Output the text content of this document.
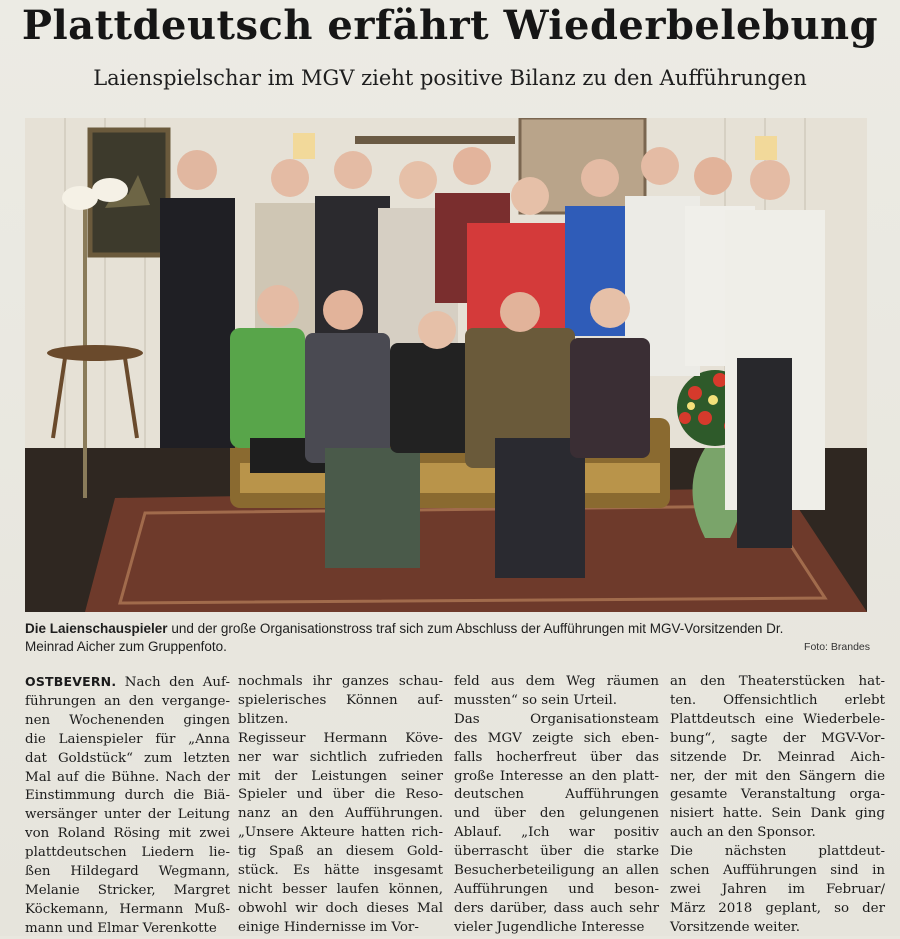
Plattdeutsch erfährt Wiederbelebung
Laienspielschar im MGV zieht positive Bilanz zu den Aufführungen
Die Laienschauspieler und der große Organisationstross traf sich zum Abschluss der Aufführungen mit MGV-Vorsitzenden Dr.
Meinrad Aicher zum Gruppenfoto.	Foto: Brandes
OSTBEVERN. Nach den Auf-
führungen an den vergange-
nen Wochenenden gingen
die Laienspieler für „Anna
dat Goldstück“ zum letzten
Mal auf die Bühne. Nach der
Einstimmung durch die Biä-
wersänger unter der Leitung
von Roland Rösing mit zwei
plattdeutschen Liedern lie-
ßen Hildegard Wegmann,
Melanie Stricker, Margret
Köckemann, Hermann Muß-
mann und Elmar Verenkotte
nochmals ihr ganzes schau-
spielerisches Können auf-
blitzen.
Regisseur Hermann Köve-
ner war sichtlich zufrieden
mit der Leistungen seiner
Spieler und über die Reso-
nanz an den Aufführungen.
„Unsere Akteure hatten rich-
tig Spaß an diesem Gold-
stück. Es hätte insgesamt
nicht besser laufen können,
obwohl wir doch dieses Mal
einige Hindernisse im Vor-
feld aus dem Weg räumen
mussten“ so sein Urteil.
Das Organisationsteam
des MGV zeigte sich eben-
falls hocherfreut über das
große Interesse an den platt-
deutschen Aufführungen
und über den gelungenen
Ablauf. „Ich war positiv
überrascht über die starke
Besucherbeteiligung an allen
Aufführungen und beson-
ders darüber, dass auch sehr
vieler Jugendliche Interesse
an den Theaterstücken hat-
ten. Offensichtlich erlebt
Plattdeutsch eine Wiederbele-
bung“, sagte der MGV-Vor-
sitzende Dr. Meinrad Aich-
ner, der mit den Sängern die
gesamte Veranstaltung orga-
nisiert hatte. Sein Dank ging
auch an den Sponsor.
Die nächsten plattdeut-
schen Aufführungen sind in
zwei Jahren im Februar/
März 2018 geplant, so der
Vorsitzende weiter.
